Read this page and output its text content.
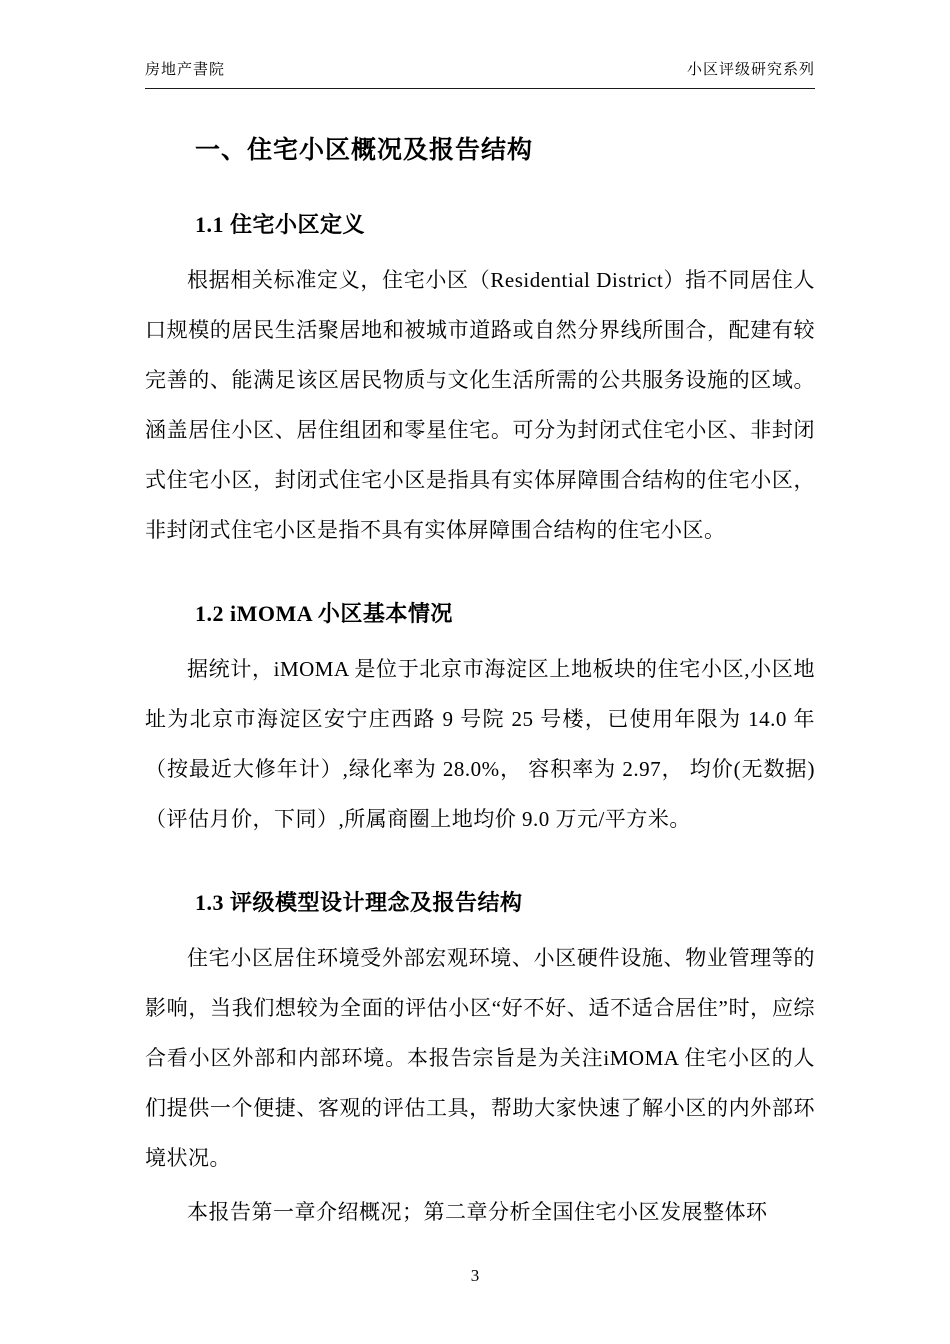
房地产書院	小区评级研究系列
一、住宅小区概况及报告结构
1.1 住宅小区定义

根据相关标准定义，住宅小区（Residential District）指不同居住人口规模的居民生活聚居地和被城市道路或自然分界线所围合，配建有较完善的、能满足该区居民物质与文化生活所需的公共服务设施的区域。涵盖居住小区、居住组团和零星住宅。可分为封闭式住宅小区、非封闭式住宅小区，封闭式住宅小区是指具有实体屏障围合结构的住宅小区，非封闭式住宅小区是指不具有实体屏障围合结构的住宅小区。

1.2 iMOMA 小区基本情况

据统计，iMOMA 是位于北京市海淀区上地板块的住宅小区,小区地址为北京市海淀区安宁庄西路 9 号院 25 号楼，已使用年限为 14.0 年（按最近大修年计）,绿化率为 28.0%， 容积率为 2.97， 均价(无数据)（评估月价，下同）,所属商圈上地均价 9.0 万元/平方米。

1.3 评级模型设计理念及报告结构

住宅小区居住环境受外部宏观环境、小区硬件设施、物业管理等的影响，当我们想较为全面的评估小区“好不好、适不适合居住”时，应综合看小区外部和内部环境。本报告宗旨是为关注iMOMA 住宅小区的人们提供一个便捷、客观的评估工具，帮助大家快速了解小区的内外部环境状况。

本报告第一章介绍概况；第二章分析全国住宅小区发展整体环

3
